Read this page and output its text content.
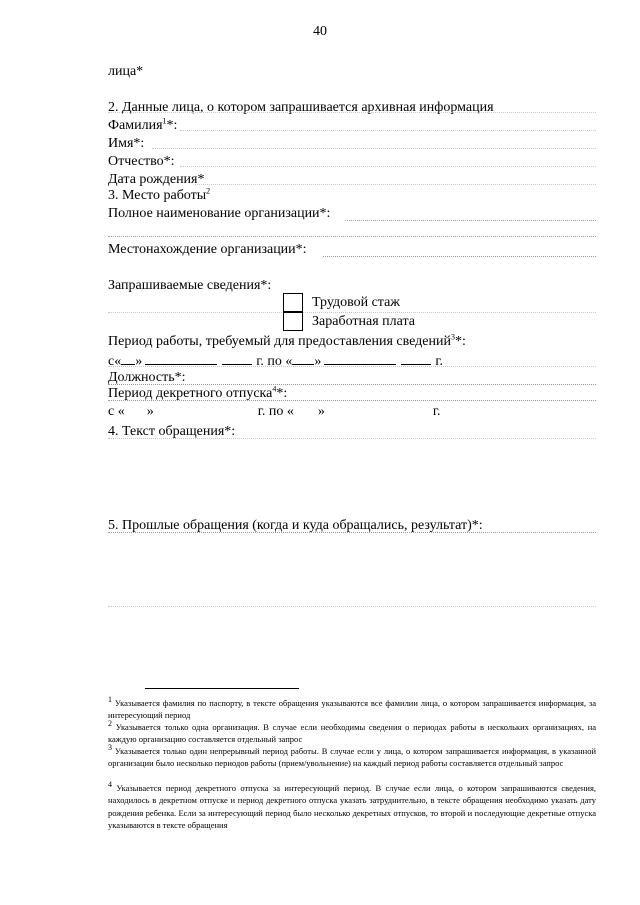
40
лица*
2. Данные лица, о котором запрашивается архивная информация
Фамилия$^1$*:
Имя*:
Отчество*:
Дата рождения*
3. Место работы$^2$
Полное наименование организации*:
Местонахождение организации*:
Запрашиваемые сведения*:
Трудовой стаж
Заработная плата
Период работы, требуемый для предоставления сведений$^3$*:
с« »	г. по « »	г.
Должность*:
Период декретного отпуска$^4$*:
с « »	г. по « »	г.
4. Текст обращения*:
5. Прошлые обращения (когда и куда обращались, результат)*:
$^1$ Указывается фамилия по паспорту, в тексте обращения указываются все фамилии лица, о котором запрашивается информация, за интересующий период
$^2$ Указывается только одна организация. В случае если необходимы сведения о периодах работы в нескольких организациях, на каждую организацию составляется отдельный запрос
$^3$ Указывается только один непрерывный период работы. В случае если у лица, о котором запрашивается информация, в указанной организации было несколько периодов работы (прием/увольнение) на каждый период работы составляется отдельный запрос
$^4$ Указывается период декретного отпуска за интересующий период. В случае если лица, о котором запрашиваются сведения, находилось в декретном отпуске и период декретного отпуска указать затруднительно, в тексте обращения необходимо указать дату рождения ребенка. Если за интересующий период было несколько декретных отпусков, то второй и последующие декретные отпуска указываются в тексте обращения
